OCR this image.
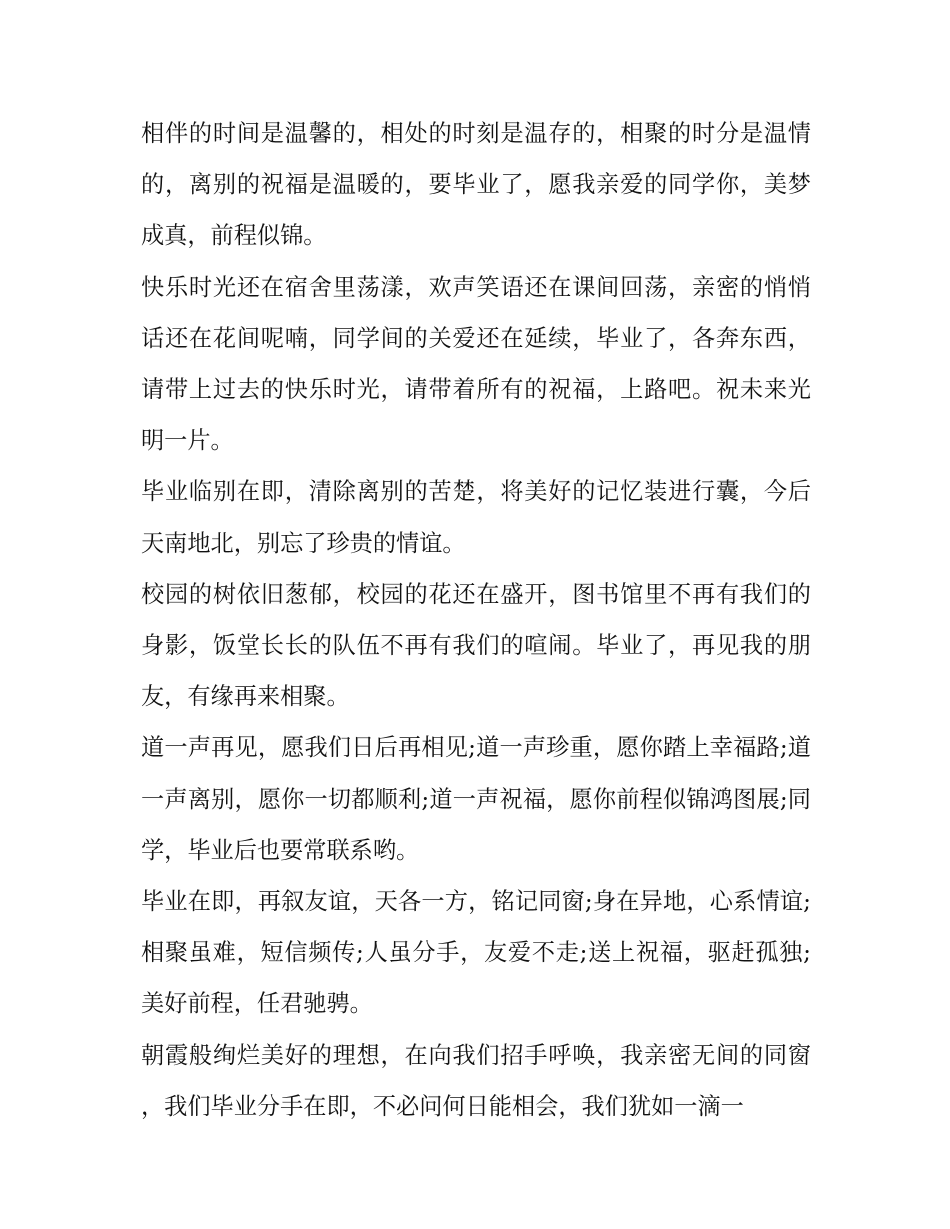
相伴的时间是温馨的，相处的时刻是温存的，相聚的时分是温情的，离别的祝福是温暖的，要毕业了，愿我亲爱的同学你，美梦成真，前程似锦。

快乐时光还在宿舍里荡漾，欢声笑语还在课间回荡，亲密的悄悄话还在花间呢喃，同学间的关爱还在延续，毕业了，各奔东西，请带上过去的快乐时光，请带着所有的祝福，上路吧。祝未来光明一片。

毕业临别在即，清除离别的苦楚，将美好的记忆装进行囊，今后天南地北，别忘了珍贵的情谊。

校园的树依旧葱郁，校园的花还在盛开，图书馆里不再有我们的身影，饭堂长长的队伍不再有我们的喧闹。毕业了，再见我的朋友，有缘再来相聚。

道一声再见，愿我们日后再相见;道一声珍重，愿你踏上幸福路;道一声离别，愿你一切都顺利;道一声祝福，愿你前程似锦鸿图展;同学，毕业后也要常联系哟。

毕业在即，再叙友谊，天各一方，铭记同窗;身在异地，心系情谊;相聚虽难，短信频传;人虽分手，友爱不走;送上祝福，驱赶孤独;美好前程，任君驰骋。

朝霞般绚烂美好的理想，在向我们招手呼唤，我亲密无间的同窗，我们毕业分手在即，不必问何日能相会，我们犹如一滴一
